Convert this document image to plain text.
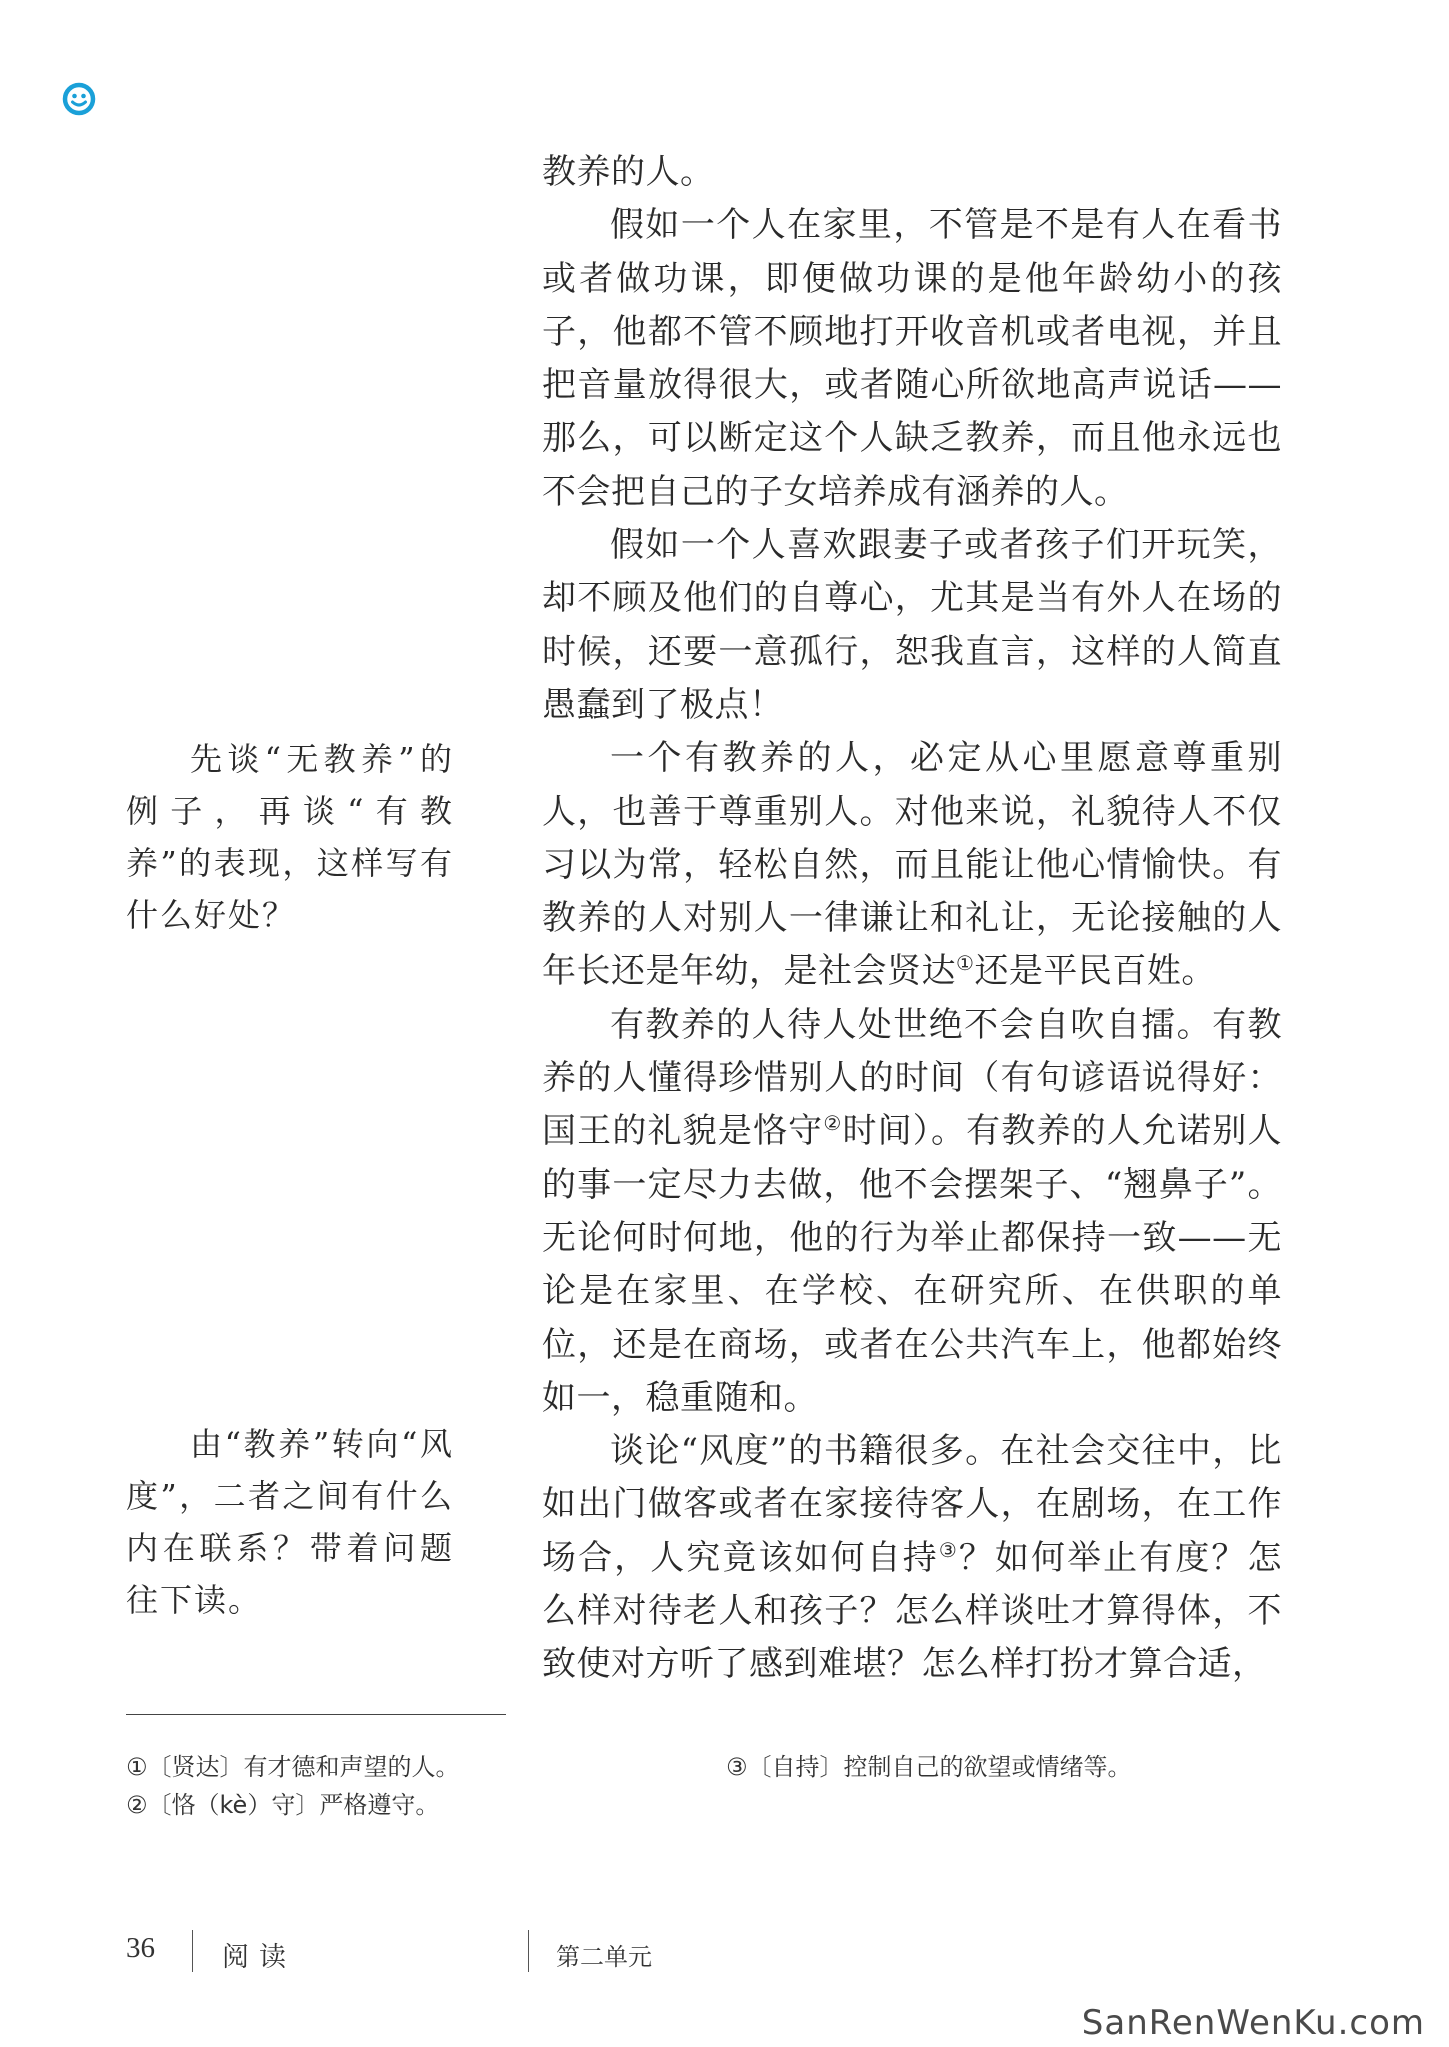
教养的人。

假如一个人在家里，不管是不是有人在看书或者做功课，即便做功课的是他年龄幼小的孩子，他都不管不顾地打开收音机或者电视，并且把音量放得很大，或者随心所欲地高声说话——那么，可以断定这个人缺乏教养，而且他永远也不会把自己的子女培养成有涵养的人。

假如一个人喜欢跟妻子或者孩子们开玩笑，却不顾及他们的自尊心，尤其是当有外人在场的时候，还要一意孤行，恕我直言，这样的人简直愚蠢到了极点！

一个有教养的人，必定从心里愿意尊重别人，也善于尊重别人。对他来说，礼貌待人不仅习以为常，轻松自然，而且能让他心情愉快。有教养的人对别人一律谦让和礼让，无论接触的人年长还是年幼，是社会贤达①还是平民百姓。

有教养的人待人处世绝不会自吹自擂。有教养的人懂得珍惜别人的时间（有句谚语说得好：国王的礼貌是恪守②时间）。有教养的人允诺别人的事一定尽力去做，他不会摆架子、“翘鼻子”。无论何时何地，他的行为举止都保持一致——无论是在家里、在学校、在研究所、在供职的单位，还是在商场，或者在公共汽车上，他都始终如一，稳重随和。

谈论“风度”的书籍很多。在社会交往中，比如出门做客或者在家接待客人，在剧场，在工作场合，人究竟该如何自持③？如何举止有度？怎么样对待老人和孩子？怎么样谈吐才算得体，不致使对方听了感到难堪？怎么样打扮才算合适，

先谈“无教养”的例子，再谈“有教养”的表现，这样写有什么好处？

由“教养”转向“风度”，二者之间有什么内在联系？带着问题往下读。

①〔贤达〕有才德和声望的人。

②〔恪（kè）守〕严格遵守。

③〔自持〕控制自己的欲望或情绪等。

36 阅读	第二单元
SanRenWenKu.com
